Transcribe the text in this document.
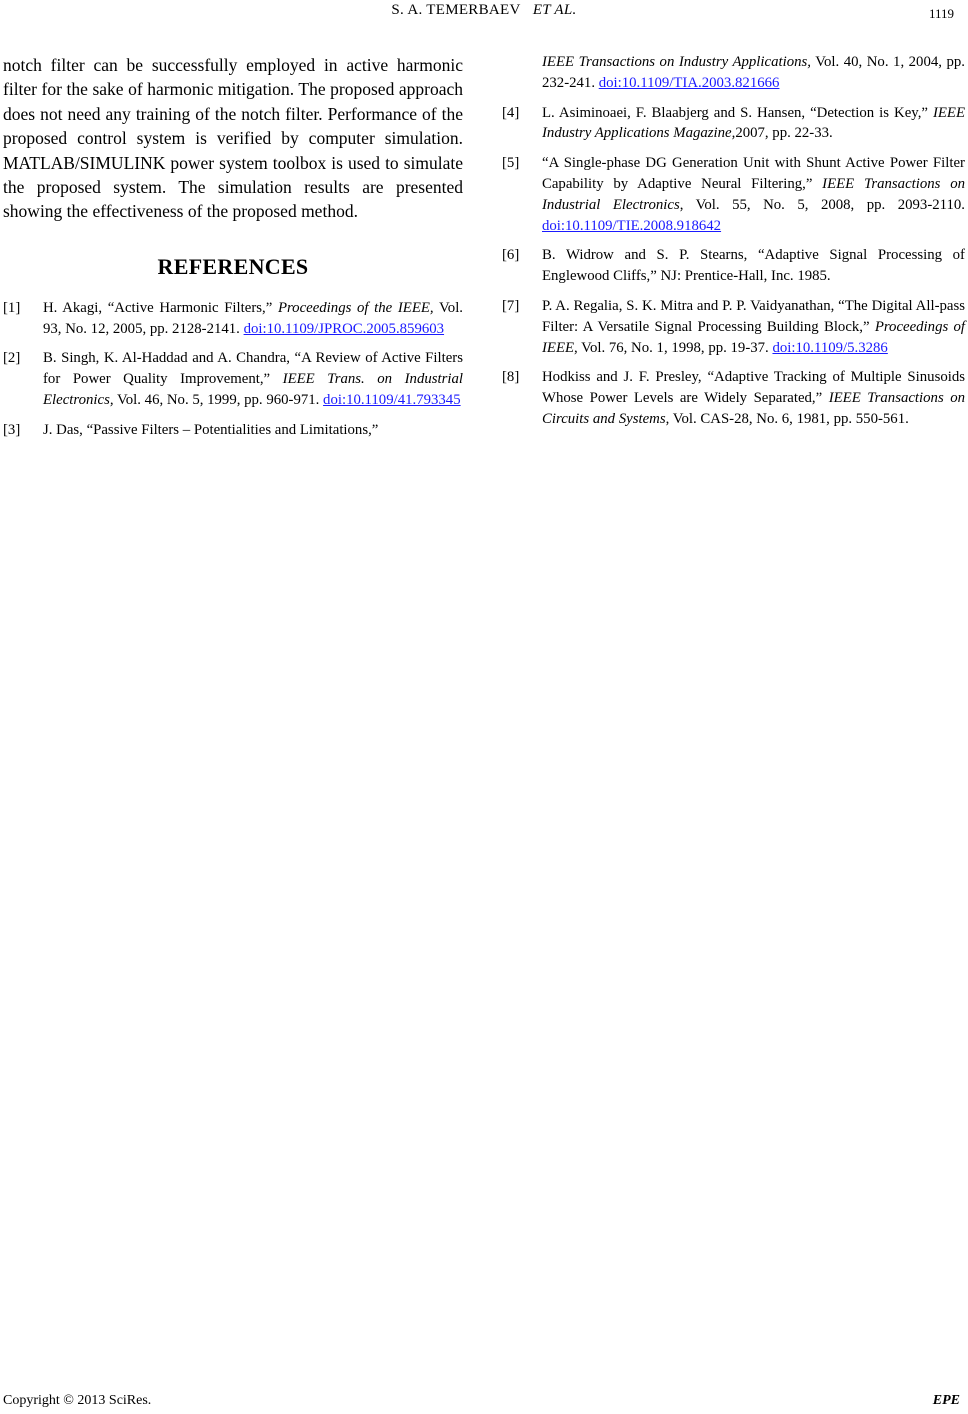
S. A. TEMERBAEV ET AL.	1119

notch filter can be successfully employed in active harmonic filter for the sake of harmonic mitigation. The proposed approach does not need any training of the notch filter. Performance of the proposed control system is verified by computer simulation. MATLAB/SIMULINK power system toolbox is used to simulate the proposed system. The simulation results are presented showing the effectiveness of the proposed method.

REFERENCES
[1] H. Akagi, “Active Harmonic Filters,” Proceedings of the IEEE, Vol. 93, No. 12, 2005, pp. 2128-2141. doi:10.1109/JPROC.2005.859603
[2] B. Singh, K. Al-Haddad and A. Chandra, “A Review of Active Filters for Power Quality Improvement,” IEEE Trans. on Industrial Electronics, Vol. 46, No. 5, 1999, pp. 960-971. doi:10.1109/41.793345
[3] J. Das, “Passive Filters – Potentialities and Limitations,”
IEEE Transactions on Industry Applications, Vol. 40, No. 1, 2004, pp. 232-241. doi:10.1109/TIA.2003.821666
[4] L. Asiminoaei, F. Blaabjerg and S. Hansen, “Detection is Key,” IEEE Industry Applications Magazine,2007, pp. 22-33.
[5] “A Single-phase DG Generation Unit with Shunt Active Power Filter Capability by Adaptive Neural Filtering,” IEEE Transactions on Industrial Electronics, Vol. 55, No. 5, 2008, pp. 2093-2110. doi:10.1109/TIE.2008.918642
[6] B. Widrow and S. P. Stearns, “Adaptive Signal Processing of Englewood Cliffs,” NJ: Prentice-Hall, Inc. 1985.
[7] P. A. Regalia, S. K. Mitra and P. P. Vaidyanathan, “The Digital All-pass Filter: A Versatile Signal Processing Building Block,” Proceedings of IEEE, Vol. 76, No. 1, 1998, pp. 19-37. doi:10.1109/5.3286
[8] Hodkiss and J. F. Presley, “Adaptive Tracking of Multiple Sinusoids Whose Power Levels are Widely Separated,” IEEE Transactions on Circuits and Systems, Vol. CAS-28, No. 6, 1981, pp. 550-561.
Copyright © 2013 SciRes.	EPE
